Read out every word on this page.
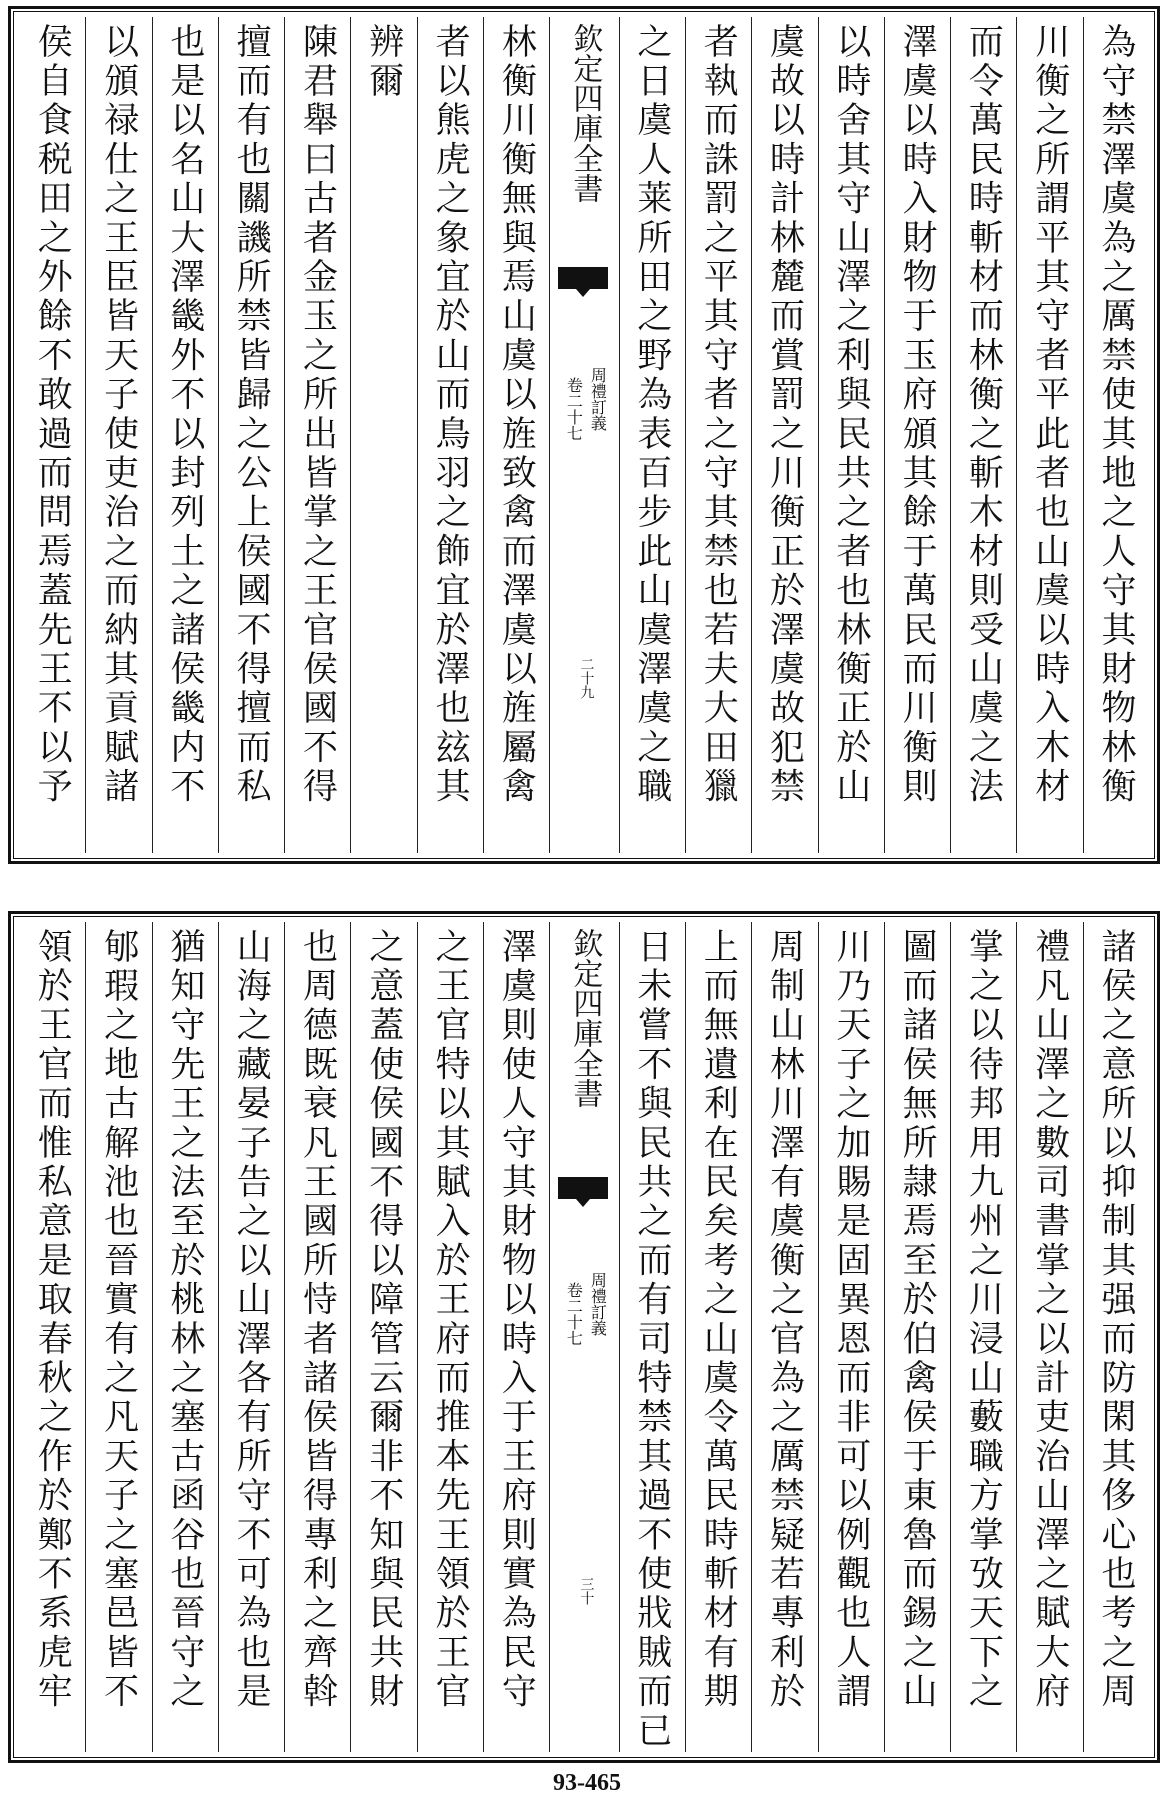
為守禁澤虞為之厲禁使其地之人守其財物林衡
川衡之所謂平其守者平此者也山虞以時入木材
而令萬民時斬材而林衡之斬木材則受山虞之法
澤虞以時入財物于玉府頒其餘于萬民而川衡則
以時舍其守山澤之利與民共之者也林衡正於山
虞故以時計林麓而賞罰之川衡正於澤虞故犯禁
者執而誅罰之平其守者之守其禁也若夫大田獵
之日虞人莱所田之野為表百步此山虞澤虞之職
欽定四庫全書
周禮訂義
卷二十七
二十九
林衡川衡無與焉山虞以旌致禽而澤虞以旌屬禽
者以熊虎之象宜於山而鳥羽之飾宜於澤也玆其
辨爾
陳君舉曰古者金玉之所出皆掌之王官侯國不得
擅而有也關譏所禁皆歸之公上侯國不得擅而私
也是以名山大澤畿外不以封列土之諸侯畿内不
以頒禄仕之王臣皆天子使吏治之而納其貢賦諸
侯自食税田之外餘不敢過而問焉蓋先王不以予
諸侯之意所以抑制其强而防閑其侈心也考之周
禮凡山澤之數司書掌之以計吏治山澤之賦大府
掌之以待邦用九州之川浸山藪職方掌攷天下之
圖而諸侯無所隷焉至於伯禽侯于東魯而錫之山
川乃天子之加賜是固異恩而非可以例觀也人謂
周制山林川澤有虞衡之官為之厲禁疑若專利於
上而無遺利在民矣考之山虞令萬民時斬材有期
日未嘗不與民共之而有司特禁其過不使戕賊而已
欽定四庫全書
周禮訂義
卷二十七
三十
澤虞則使人守其財物以時入于王府則實為民守
之王官特以其賦入於王府而推本先王領於王官
之意蓋使侯國不得以障管云爾非不知與民共財
也周德既衰凡王國所恃者諸侯皆得專利之齊斡
山海之藏晏子告之以山澤各有所守不可為也是
猶知守先王之法至於桃林之塞古函谷也晉守之
郇瑕之地古解池也晉實有之凡天子之塞邑皆不
領於王官而惟私意是取春秋之作於鄭不系虎牢
93-465
